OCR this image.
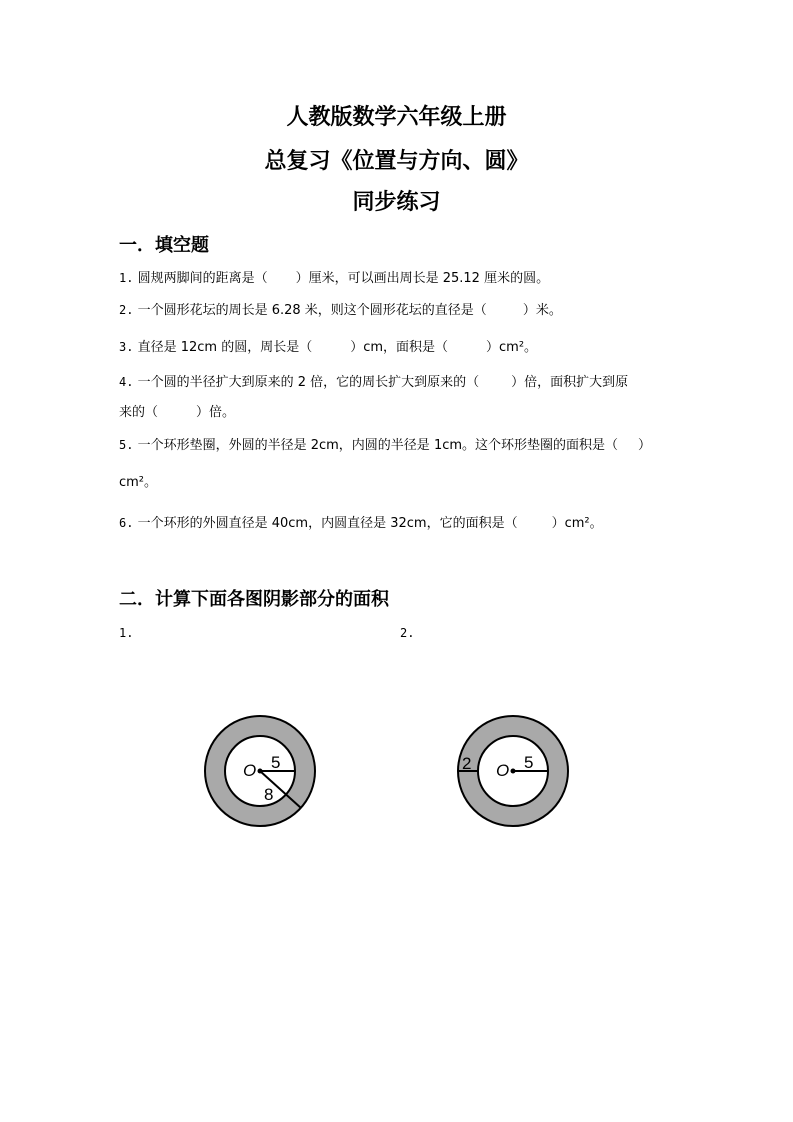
人教版数学六年级上册
总复习《位置与方向、圆》
同步练习
一．填空题
1. 圆规两脚间的距离是（ ）厘米，可以画出周长是 25.12 厘米的圆。
2. 一个圆形花坛的周长是 6.28 米，则这个圆形花坛的直径是（	）米。
3. 直径是 12cm 的圆，周长是（	）cm，面积是（	）cm²。
4. 一个圆的半径扩大到原来的 2 倍，它的周长扩大到原来的（ ）倍，面积扩大到原
来的（	）倍。
5. 一个环形垫圈，外圆的半径是 2cm，内圆的半径是 1cm。这个环形垫圈的面积是（ ）
cm²。
6. 一个环形的外圆直径是 40cm，内圆直径是 32cm，它的面积是（	）cm²。
二．计算下面各图阴影部分的面积
1.	2.
O 5
8
O 5
2
